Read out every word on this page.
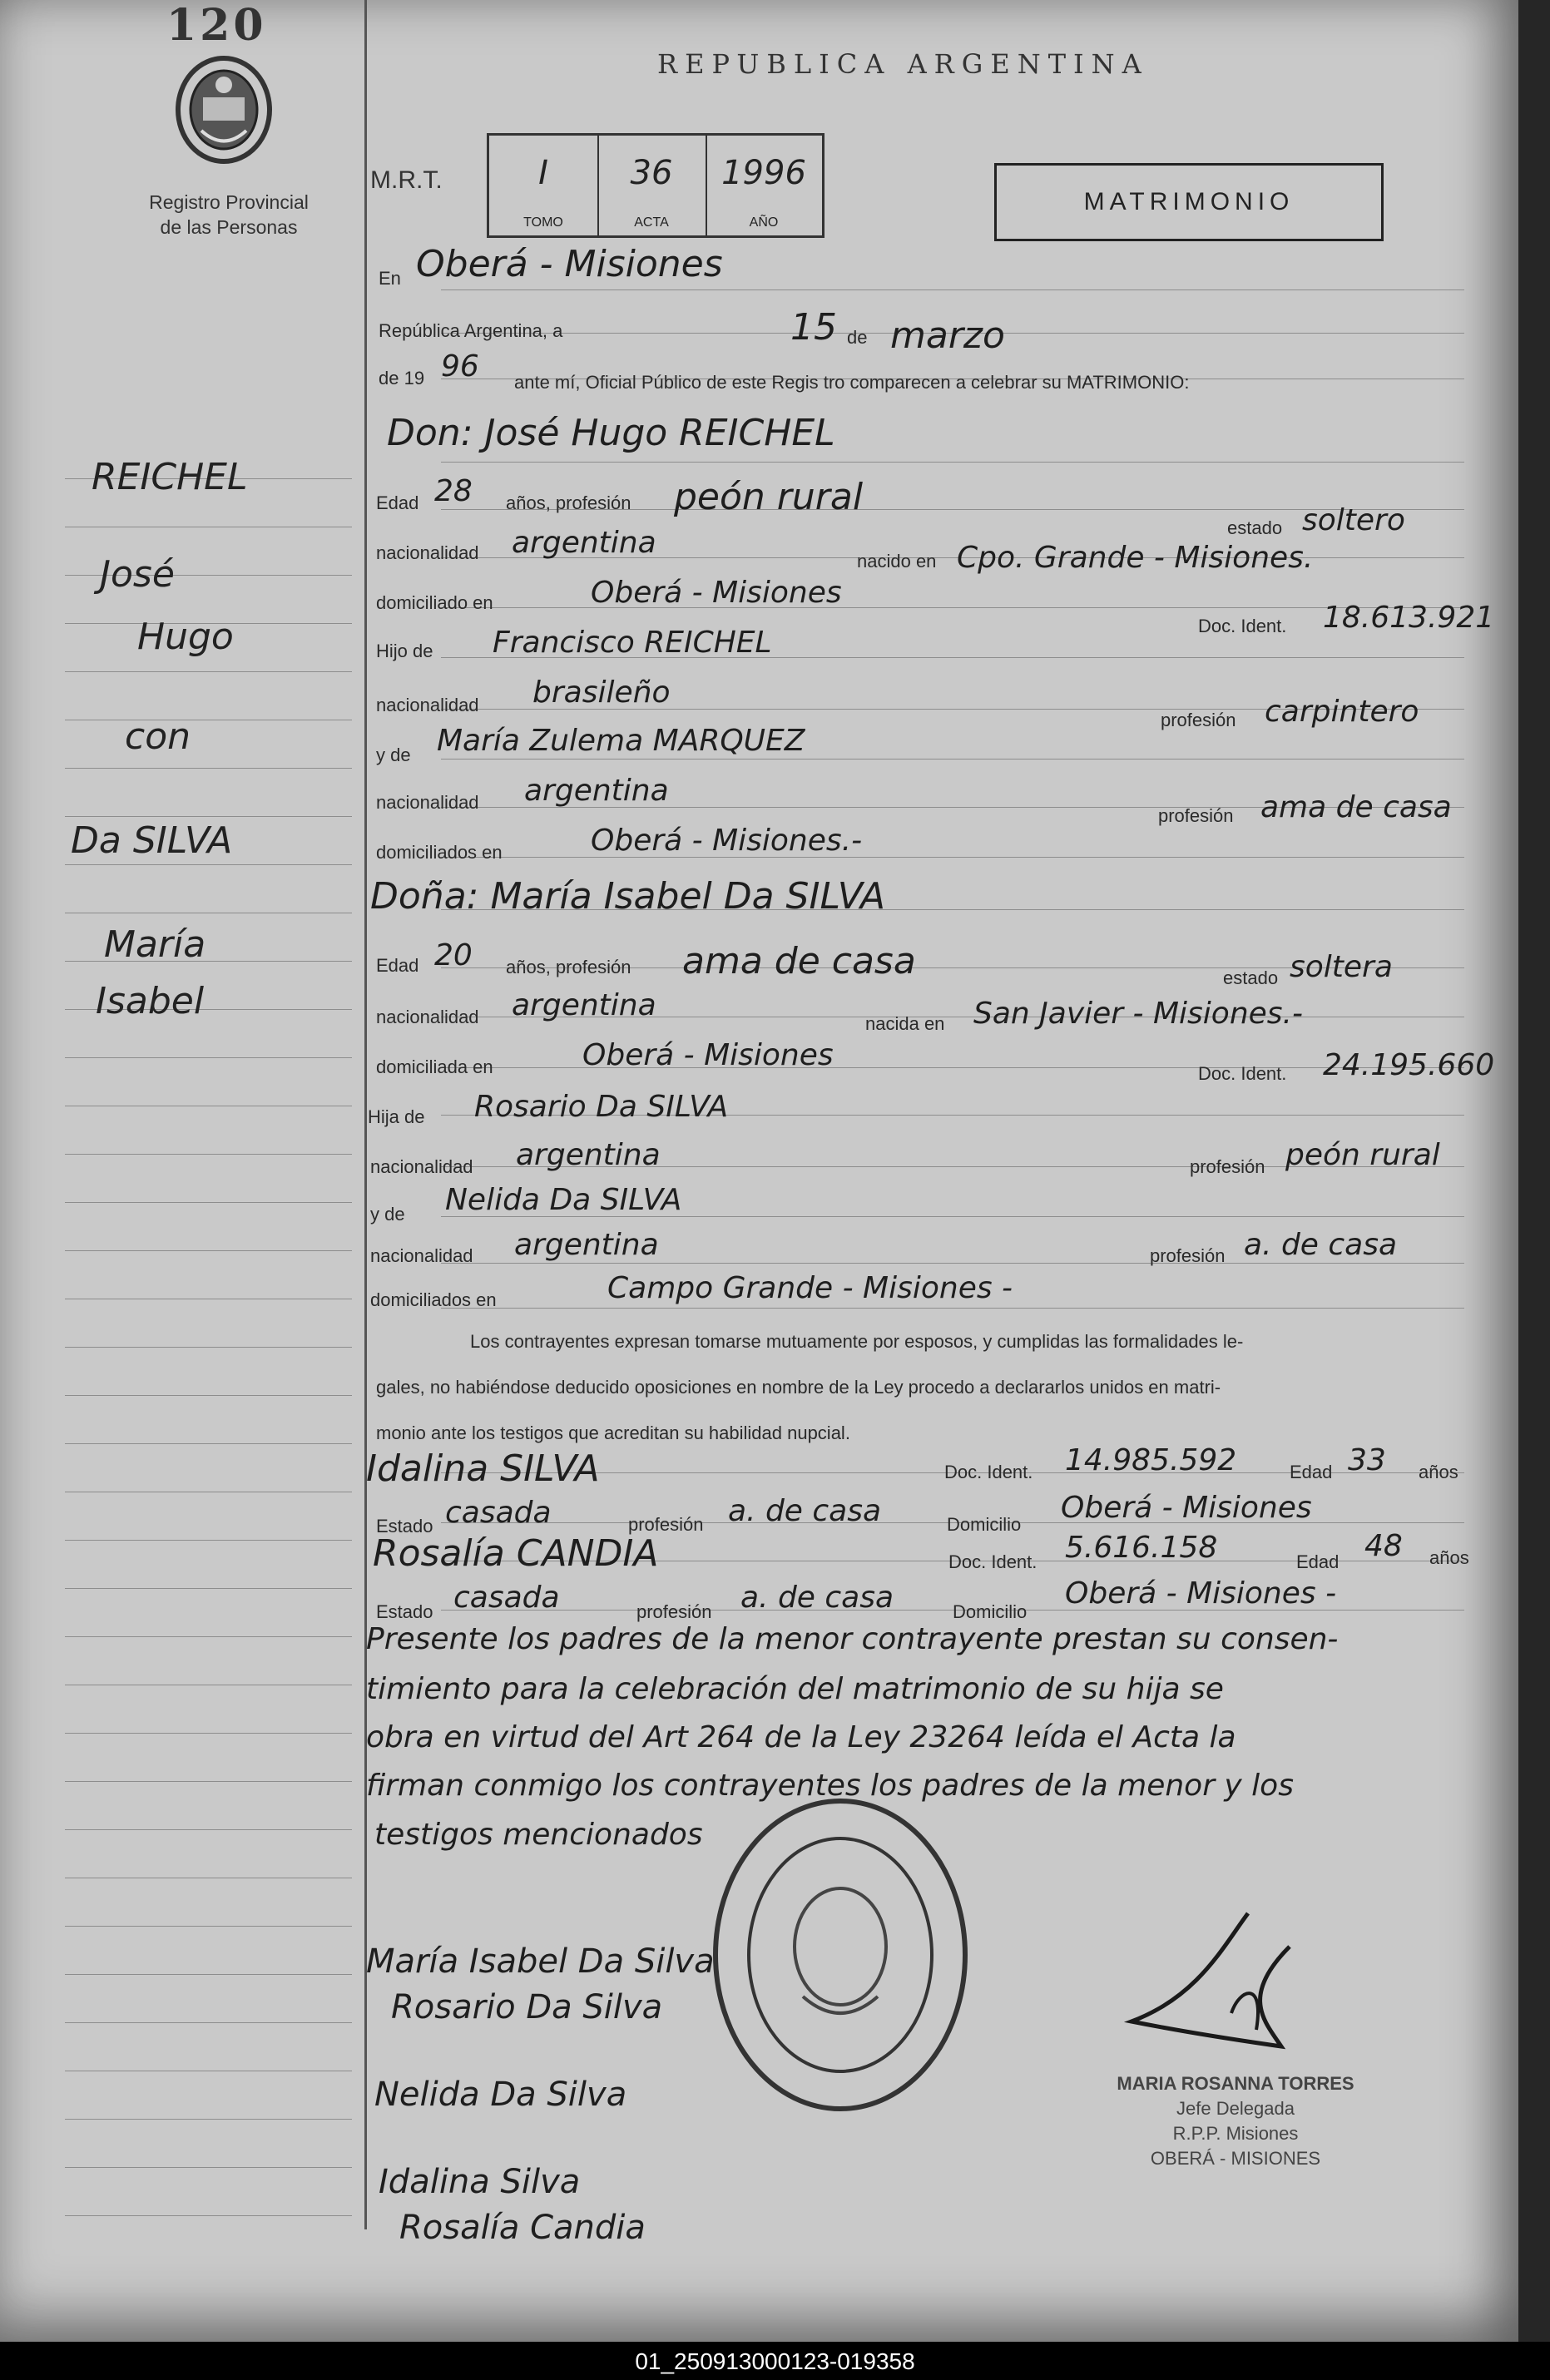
120
Registro Provincial
de las Personas
REICHEL
José
Hugo
con
Da SILVA
María
Isabel
REPUBLICA ARGENTINA
M.R.T.	I
TOMO
36
ACTA
1996
AÑO
MATRIMONIO
En Oberá - Misiones
República Argentina, a	15 de marzo
de 19 96 ante mí, Oficial Público de este Regis tro comparecen a celebrar su MATRIMONIO:
Don: José Hugo REICHEL
Edad 28 años, profesión peón rural
estado soltero
nacionalidad argentina
nacido en Cpo. Grande - Misiones.
domiciliado en	Oberá - Misiones
Doc. Ident. 18.613.921
Hijo de Francisco REICHEL
nacionalidad brasileño
profesión carpintero
y de María Zulema MARQUEZ
nacionalidad argentina
profesión ama de casa
domiciliados en	Oberá - Misiones.-
Doña: María Isabel Da SILVA
Edad 20 años, profesión ama de casa	estado soltera
nacionalidad argentina
nacida en San Javier - Misiones.-
domiciliada en	Oberá - Misiones
Doc. Ident. 24.195.660
Hija de Rosario Da SILVA
nacionalidad argentina	profesión peón rural
y de Nelida Da SILVA
nacionalidad argentina	profesión a. de casa
domiciliados en	Campo Grande - Misiones -
Los contrayentes expresan tomarse mutuamente por esposos, y cumplidas las formalidades le-
gales, no habiéndose deducido oposiciones en nombre de la Ley procedo a declararlos unidos en matri-
monio ante los testigos que acreditan su habilidad nupcial.
Idalina SILVA	Doc. Ident. 14.985.592	Edad 33 años
Estado casada	profesión a. de casa	Domicilio Oberá - Misiones
Rosalía CANDIA	Doc. Ident. 5.616.158	Edad 48 años
Estado casada	profesión a. de casa	Domicilio
Oberá - Misiones -
Presente los padres de la menor contrayente prestan su consen-
timiento para la celebración del matrimonio de su hija se
obra en virtud del Art 264 de la Ley 23264 leída el Acta la
firman conmigo los contrayentes los padres de la menor y los
testigos mencionados
María Isabel Da Silva
Rosario Da Silva
Nelida Da Silva
Idalina Silva
Rosalía Candia
MARIA ROSANNA TORRES
Jefe Delegada
R.P.P. Misiones
OBERÁ - MISIONES
01_250913000123-019358
